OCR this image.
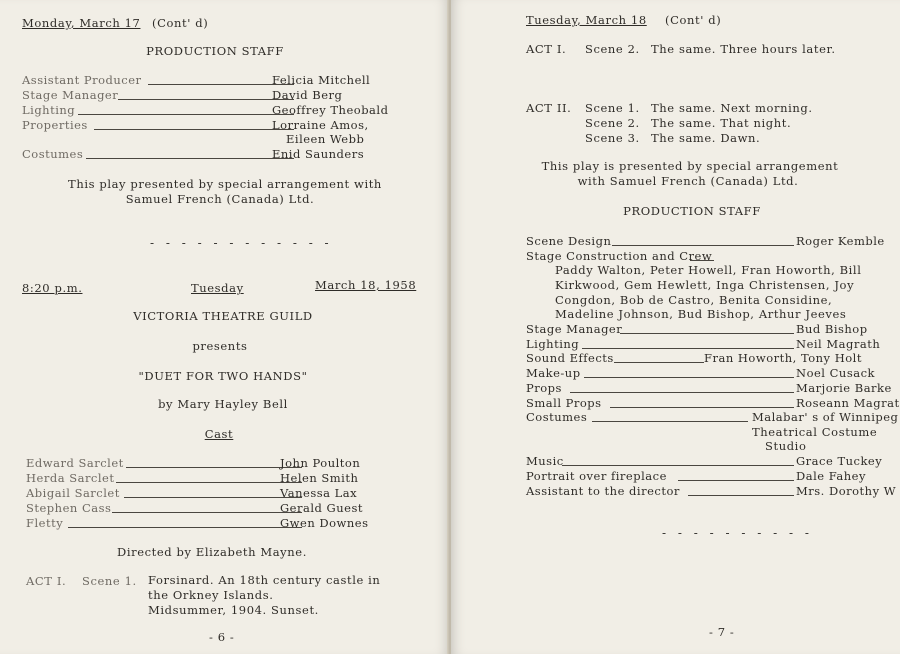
Monday, March 17 (Cont' d)
PRODUCTION STAFF
Assistant Producer	Felicia Mitchell
Stage Manager	David Berg
Lighting	Geoffrey Theobald
Properties	Lorraine Amos,
Eileen Webb
Costumes	Enid Saunders
This play presented by special arrangement with
Samuel French (Canada) Ltd.
- - - - - - - - - - - -
8:20 p.m.	Tuesday	March 18, 1958
VICTORIA THEATRE GUILD
presents
"DUET FOR TWO HANDS"
by Mary Hayley Bell
Cast
Edward Sarclet	John Poulton
Herda Sarclet	Helen Smith
Abigail Sarclet	Vanessa Lax
Stephen Cass	Gerald Guest
Fletty	Gwen Downes
Directed by Elizabeth Mayne.
ACT I. Scene 1. Forsinard. An 18th century castle in
the Orkney Islands.
Midsummer, 1904. Sunset.
- 6 -
Tuesday, March 18 (Cont' d)
ACT I. Scene 2. The same. Three hours later.
ACT II. Scene 1. The same. Next morning.
Scene 2. The same. That night.
Scene 3. The same. Dawn.
This play is presented by special arrangement
with Samuel French (Canada) Ltd.
PRODUCTION STAFF
Scene Design	Roger Kemble
Stage Construction and Crew
Paddy Walton, Peter Howell, Fran Howorth, Bill
Kirkwood, Gem Hewlett, Inga Christensen, Joy
Congdon, Bob de Castro, Benita Considine,
Madeline Johnson, Bud Bishop, Arthur Jeeves
Stage Manager	Bud Bishop
Lighting	Neil Magrath
Sound Effects	Fran Howorth, Tony Holt
Make-up	Noel Cusack
Props	Marjorie Barke
Small Props	Roseann Magrat
Costumes	Malabar' s of Winnipeg
Theatrical Costume
Studio
Music	Grace Tuckey
Portrait over fireplace	Dale Fahey
Assistant to the director	Mrs. Dorothy W
- - - - - - - - - -
- 7 -
